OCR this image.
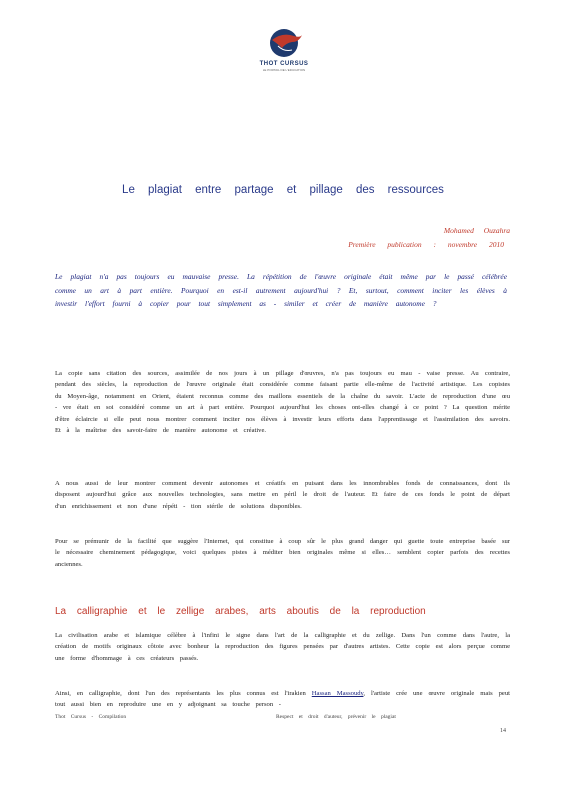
THOT CURSUS
LE PORTAIL DE L'EDUCATION
Le plagiat entre partage et pillage des ressources
Mohamed Ouzahra
Première publication : novembre 2010
Le plagiat n'a pas toujours eu mauvaise presse. La répétition de l'œuvre originale était même par le passé célébrée comme un art à part entière. Pourquoi en est-il autrement aujourd'hui ? Et, surtout, comment inciter les élèves à investir l'effort fourni à copier pour tout simplement as - similer et créer de manière autonome ?
La copie sans citation des sources, assimilée de nos jours à un pillage d'œuvres, n'a pas toujours eu mau - vaise presse. Au contraire, pendant des siècles, la reproduction de l'œuvre originale était considérée comme faisant partie elle-même de l'activité artistique. Les copistes du Moyen-âge, notamment en Orient, étaient reconnus comme des maillons essentiels de la chaîne du savoir. L'acte de reproduction d'une œu - vre était en soi considéré comme un art à part entière. Pourquoi aujourd'hui les choses ont-elles changé à ce point ? La question mérite d'être éclaircie si elle peut nous montrer comment inciter nos élèves à investir leurs efforts dans l'apprentissage et l'assimilation des savoirs. Et à la maîtrise des savoir-faire de manière autonome et créative.
A nous aussi de leur montrer comment devenir autonomes et créatifs en puisant dans les innombrables fonds de connaissances, dont ils disposent aujourd'hui grâce aux nouvelles technologies, sans mettre en péril le droit de l'auteur. Et faire de ces fonds le point de départ d'un enrichissement et non d'une répéti - tion stérile de solutions disponibles.
Pour se prémunir de la facilité que suggère l'Internet, qui constitue à coup sûr le plus grand danger qui guette toute entreprise basée sur le nécessaire cheminement pédagogique, voici quelques pistes à méditer bien originales même si elles… semblent copier parfois des recettes anciennes.
La calligraphie et le zellige arabes, arts aboutis de la reproduction
La civilisation arabe et islamique célèbre à l'infini le signe dans l'art de la calligraphie et du zellige. Dans l'un comme dans l'autre, la création de motifs originaux côtoie avec bonheur la reproduction des figures pensées par d'autres artistes. Cette copie est alors perçue comme une forme d'hommage à ces créateurs passés.
Ainsi, en calligraphie, dont l'un des représentants les plus connus est l'irakien Hassan Massoudy, l'artiste crée une œuvre originale mais peut tout aussi bien en reproduire une en y adjoignant sa touche person -
Thot Cursus - Compilation	Respect et droit d'auteur, prévenir le plagiat
14
